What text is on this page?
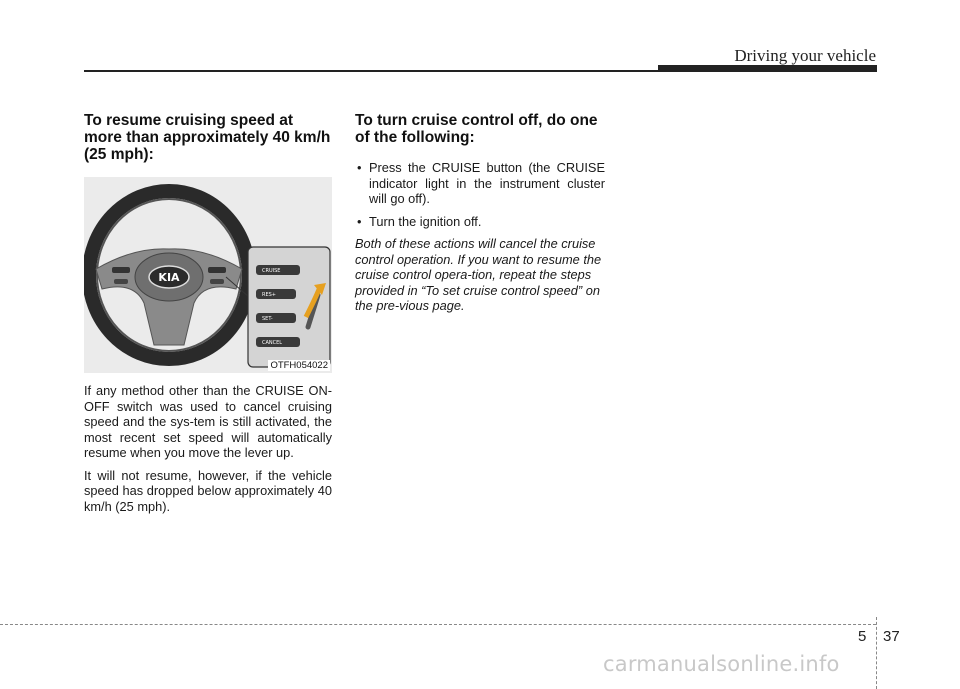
Driving your vehicle
To resume cruising speed at more than approximately 40 km/h (25 mph):
KIA	CRUISE
RES+
SET-
CANCEL
OTFH054022

If any method other than the CRUISE ON-OFF switch was used to cancel cruising speed and the sys-tem is still activated, the most recent set speed will automatically resume when you move the lever up.

It will not resume, however, if the vehicle speed has dropped below approximately 40 km/h (25 mph).

To turn cruise control off, do one of the following:
• Press the CRUISE button (the CRUISE indicator light in the instrument cluster will go off).
• Turn the ignition off.

Both of these actions will cancel the cruise control operation. If you want to resume the cruise control opera-tion, repeat the steps provided in “To set cruise control speed” on the pre-vious page.

5 37
carmanualsonline.info
